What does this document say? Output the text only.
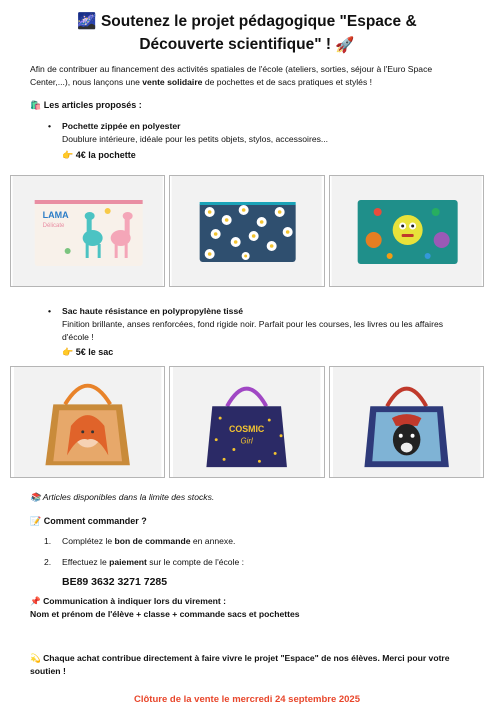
🌌 Soutenez le projet pédagogique "Espace &
Découverte scientifique" ! 🚀
Afin de contribuer au financement des activités spatiales de l'école (ateliers, sorties, séjour à l'Euro Space Center,...), nous lançons une vente solidaire de pochettes et de sacs pratiques et stylés !
🛍️ Les articles proposés :
• Pochette zippée en polyester
Doublure intérieure, idéale pour les petits objets, stylos, accessoires...
👉 4€ la pochette
LAMA
Délicate
• Sac haute résistance en polypropylène tissé
Finition brillante, anses renforcées, fond rigide noir. Parfait pour les courses, les livres ou les affaires d'école !
👉 5€ le sac
COSMIC
Girl
📚 Articles disponibles dans la limite des stocks.
📝 Comment commander ?
1. Complétez le bon de commande en annexe.
2. Effectuez le paiement sur le compte de l'école :
BE89 3632 3271 7285
📌 Communication à indiquer lors du virement :
Nom et prénom de l'élève + classe + commande sacs et pochettes
💫 Chaque achat contribue directement à faire vivre le projet "Espace" de nos élèves. Merci pour votre soutien !
Clôture de la vente le mercredi 24 septembre 2025
